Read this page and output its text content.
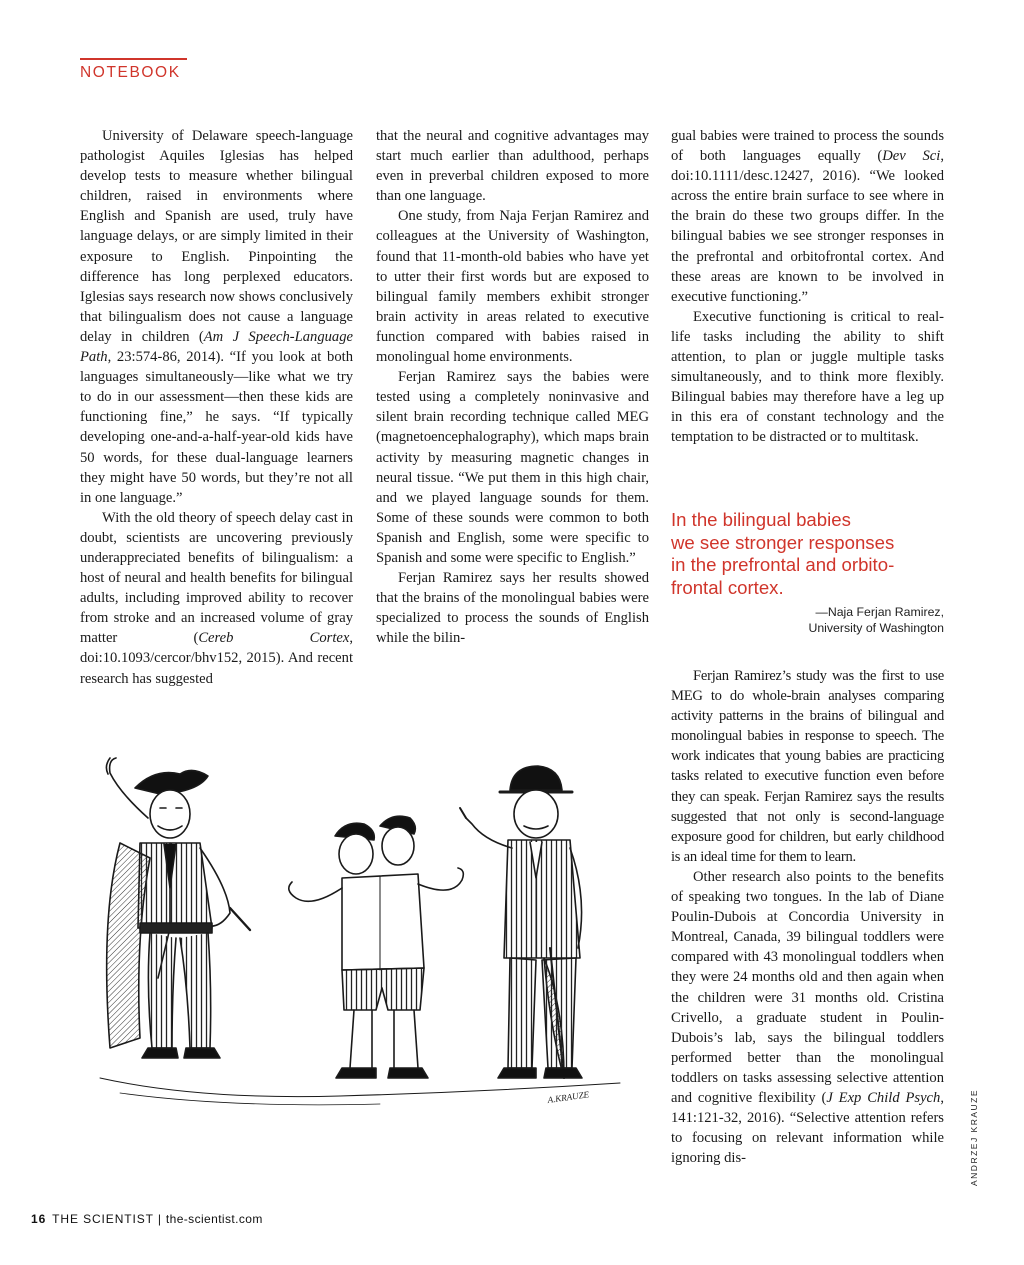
NOTEBOOK

University of Delaware speech-language pathologist Aquiles Iglesias has helped develop tests to measure whether bilingual children, raised in environments where English and Spanish are used, truly have language delays, or are simply limited in their exposure to English. Pinpointing the difference has long perplexed educators. Iglesias says research now shows conclusively that bilingualism does not cause a language delay in children (Am J Speech-Language Path, 23:574-86, 2014). “If you look at both languages simultaneously—like what we try to do in our assessment—then these kids are functioning fine,” he says. “If typically developing one-and-a-half-year-old kids have 50 words, for these dual-language learners they might have 50 words, but they’re not all in one language.”

With the old theory of speech delay cast in doubt, scientists are uncovering previously underappreciated benefits of bilingualism: a host of neural and health benefits for bilingual adults, including improved ability to recover from stroke and an increased volume of gray matter (Cereb Cortex, doi:10.1093/cercor/bhv152, 2015). And recent research has suggested

that the neural and cognitive advantages may start much earlier than adulthood, perhaps even in preverbal children exposed to more than one language.

One study, from Naja Ferjan Ramirez and colleagues at the University of Washington, found that 11-month-old babies who have yet to utter their first words but are exposed to bilingual family members exhibit stronger brain activity in areas related to executive function compared with babies raised in monolingual home environments.

Ferjan Ramirez says the babies were tested using a completely noninvasive and silent brain recording technique called MEG (magnetoencephalography), which maps brain activity by measuring magnetic changes in neural tissue. “We put them in this high chair, and we played language sounds for them. Some of these sounds were common to both Spanish and English, some were specific to Spanish and some were specific to English.”

Ferjan Ramirez says her results showed that the brains of the monolingual babies were specialized to process the sounds of English while the bilin-

gual babies were trained to process the sounds of both languages equally (Dev Sci, doi:10.1111/desc.12427, 2016). “We looked across the entire brain surface to see where in the brain do these two groups differ. In the bilingual babies we see stronger responses in the prefrontal and orbitofrontal cortex. And these areas are known to be involved in executive functioning.”

Executive functioning is critical to real-life tasks including the ability to shift attention, to plan or juggle multiple tasks simultaneously, and to think more flexibly. Bilingual babies may therefore have a leg up in this era of constant technology and the temptation to be distracted or to multitask.

In the bilingual babies
we see stronger responses
in the prefrontal and orbito-
frontal cortex.
—Naja Ferjan Ramirez,
University of Washington

Ferjan Ramirez’s study was the first to use MEG to do whole-brain analyses comparing activity patterns in the brains of bilingual and monolingual babies in response to speech. The work indicates that young babies are practicing tasks related to executive function even before they can speak. Ferjan Ramirez says the results suggested that not only is second-language exposure good for children, but early childhood is an ideal time for them to learn.

Other research also points to the benefits of speaking two tongues. In the lab of Diane Poulin-Dubois at Concordia University in Montreal, Canada, 39 bilingual toddlers were compared with 43 monolingual toddlers when they were 24 months old and then again when the children were 31 months old. Cristina Crivello, a graduate student in Poulin-Dubois’s lab, says the bilingual toddlers performed better than the monolingual toddlers on tasks assessing selective attention and cognitive flexibility (J Exp Child Psych, 141:121-32, 2016). “Selective attention refers to focusing on relevant information while ignoring dis-

A.KRAUZE	ANDRZEJ KRAUZE
16 THE SCIENTIST | the-scientist.com
